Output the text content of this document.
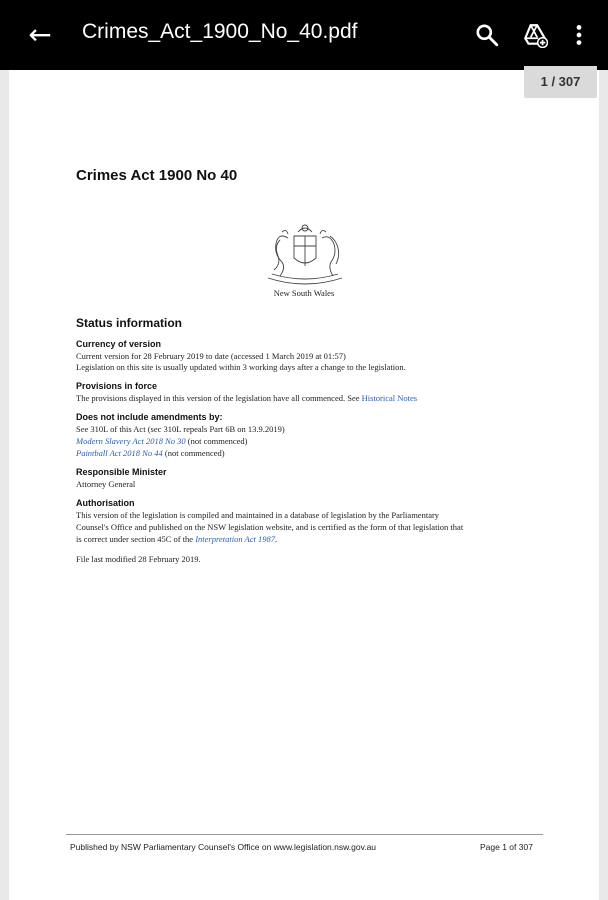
← Crimes_Act_1900_No_40.pdf
1 / 307
Crimes Act 1900 No 40
New South Wales
Status information
Currency of version
Current version for 28 February 2019 to date (accessed 1 March 2019 at 01:57)
Legislation on this site is usually updated within 3 working days after a change to the legislation.
Provisions in force
The provisions displayed in this version of the legislation have all commenced. See Historical Notes
Does not include amendments by:
See 310L of this Act (sec 310L repeals Part 6B on 13.9.2019)
Modern Slavery Act 2018 No 30 (not commenced)
Paintball Act 2018 No 44 (not commenced)
Responsible Minister
Attorney General
Authorisation
This version of the legislation is compiled and maintained in a database of legislation by the Parliamentary
Counsel's Office and published on the NSW legislation website, and is certified as the form of that legislation that
is correct under section 45C of the Interpretation Act 1987.
File last modified 28 February 2019.
Published by NSW Parliamentary Counsel's Office on www.legislation.nsw.gov.au	Page 1 of 307
